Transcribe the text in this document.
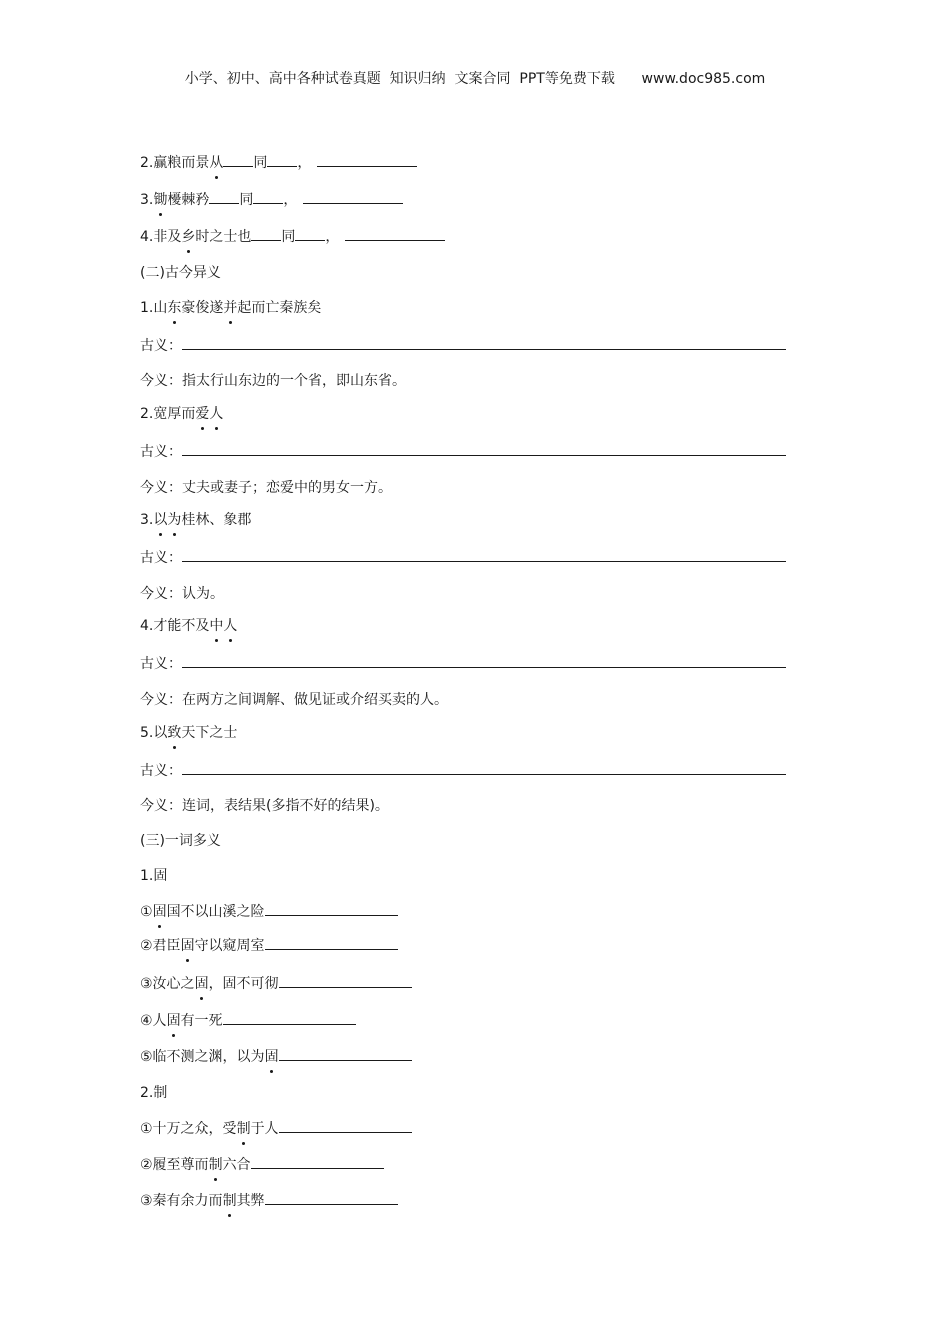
小学、初中、高中各种试卷真题  知识归纳  文案合同  PPT等免费下载      www.doc985.com
2.赢粮而景从 同 ，
3.锄櫌棘矜 同 ，
4.非及乡时之士也 同 ，
(二)古今异义
1.山东豪俊遂并起而亡秦族矣
古义：
今义：指太行山东边的一个省，即山东省。
2.宽厚而爱人
古义：
今义：丈夫或妻子；恋爱中的男女一方。
3.以为桂林、象郡
古义：
今义：认为。
4.才能不及中人
古义：
今义：在两方之间调解、做见证或介绍买卖的人。
5.以致天下之士
古义：
今义：连词，表结果(多指不好的结果)。
(三)一词多义
1.固
①固国不以山溪之险
②君臣固守以窥周室
③汝心之固，固不可彻
④人固有一死
⑤临不测之渊，以为固
2.制
①十万之众，受制于人
②履至尊而制六合
③秦有余力而制其弊
